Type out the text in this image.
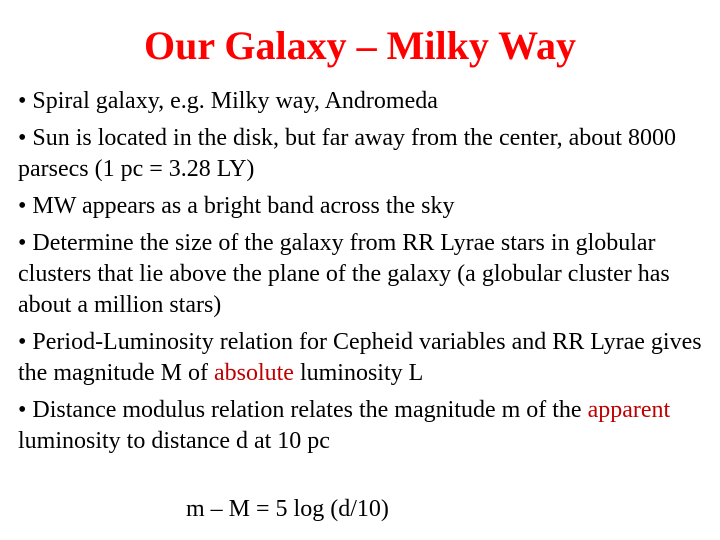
Our Galaxy – Milky Way

• Spiral galaxy, e.g. Milky way, Andromeda

• Sun is located in the disk, but far away from the center, about 8000 parsecs (1 pc = 3.28 LY)

• MW appears as a bright band across the sky

• Determine the size of the galaxy from RR Lyrae stars in globular clusters that lie above the plane of the galaxy (a globular cluster has about a million stars)

• Period-Luminosity relation for Cepheid variables and RR Lyrae gives the magnitude M of absolute luminosity L

• Distance modulus relation relates the magnitude m of the apparent luminosity to distance d at 10 pc

m – M = 5 log (d/10)
